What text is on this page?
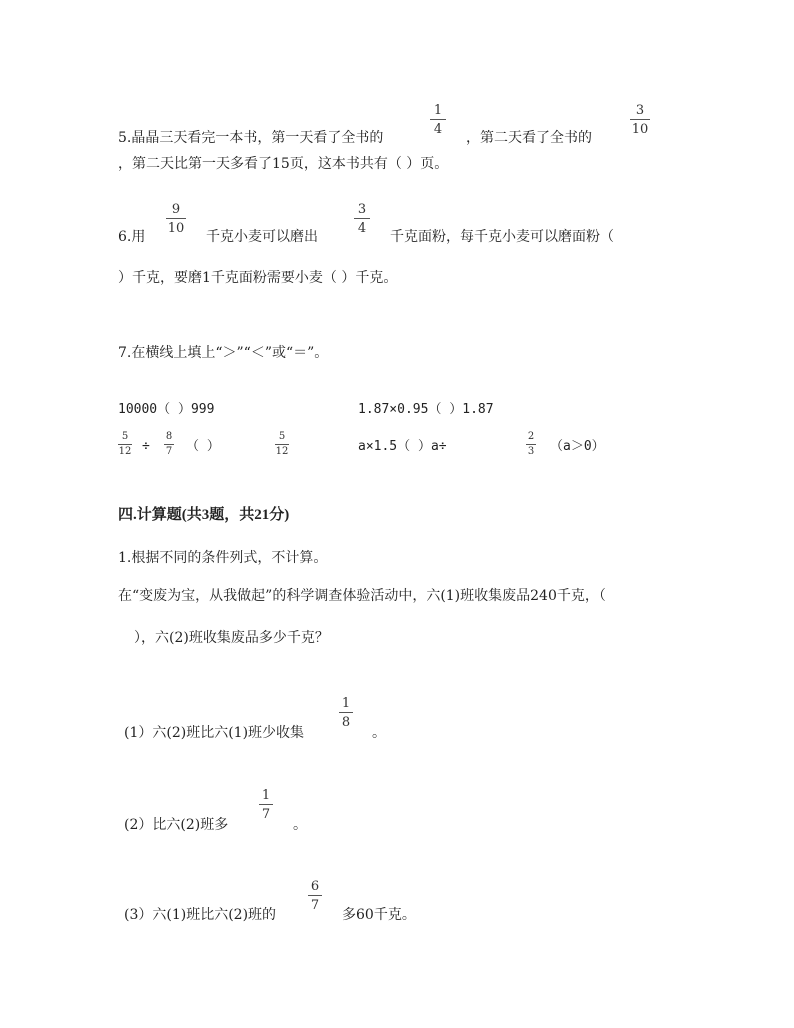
5.晶晶三天看完一本书，第一天看了全书的
1
4
，第二天看了全书的
3
10
，第二天比第一天多看了15页，这本书共有（ ）页。
6.用
9
10
千克小麦可以磨出
3
4
千克面粉，每千克小麦可以磨面粉（
）千克，要磨1千克面粉需要小麦（ ）千克。
7.在横线上填上“＞”“＜”或“＝”。
10000（ ）999	1.87×0.95（ ）1.87
5
12 ÷
8
7 （ ）
5
12	a×1.5（ ）a÷
2
3 （a＞0）
四.计算题(共3题，共21分)
1.根据不同的条件列式，不计算。
在“变废为宝，从我做起”的科学调查体验活动中，六(1)班收集废品240千克，（
），六(2)班收集废品多少千克？
(1）六(2)班比六(1)班少收集
1
8
。
(2）比六(2)班多
1
7
。
(3）六(1)班比六(2)班的
6
7
多60千克。
